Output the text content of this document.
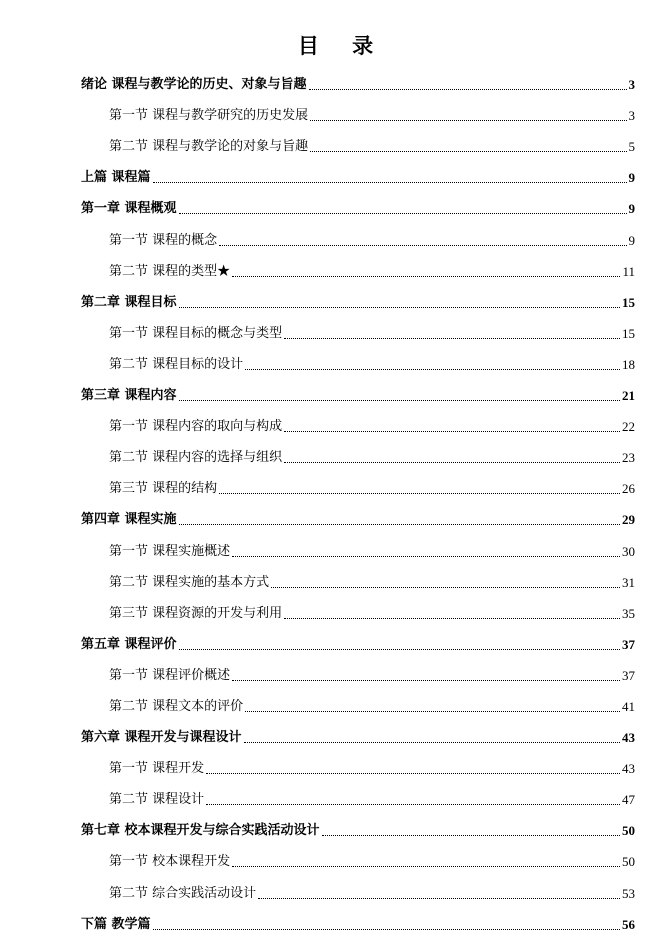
目 录
绪论 课程与教学论的历史、对象与旨趣	3
第一节 课程与教学研究的历史发展	3
第二节 课程与教学论的对象与旨趣	5
上篇 课程篇	9
第一章 课程概观	9
第一节 课程的概念	9
第二节 课程的类型★	11
第二章 课程目标	15
第一节 课程目标的概念与类型	15
第二节 课程目标的设计	18
第三章 课程内容	21
第一节 课程内容的取向与构成	22
第二节 课程内容的选择与组织	23
第三节 课程的结构	26
第四章 课程实施	29
第一节 课程实施概述	30
第二节 课程实施的基本方式	31
第三节 课程资源的开发与利用	35
第五章 课程评价	37
第一节 课程评价概述	37
第二节 课程文本的评价	41
第六章 课程开发与课程设计	43
第一节 课程开发	43
第二节 课程设计	47
第七章 校本课程开发与综合实践活动设计	50
第一节 校本课程开发	50
第二节 综合实践活动设计	53
下篇 教学篇	56
